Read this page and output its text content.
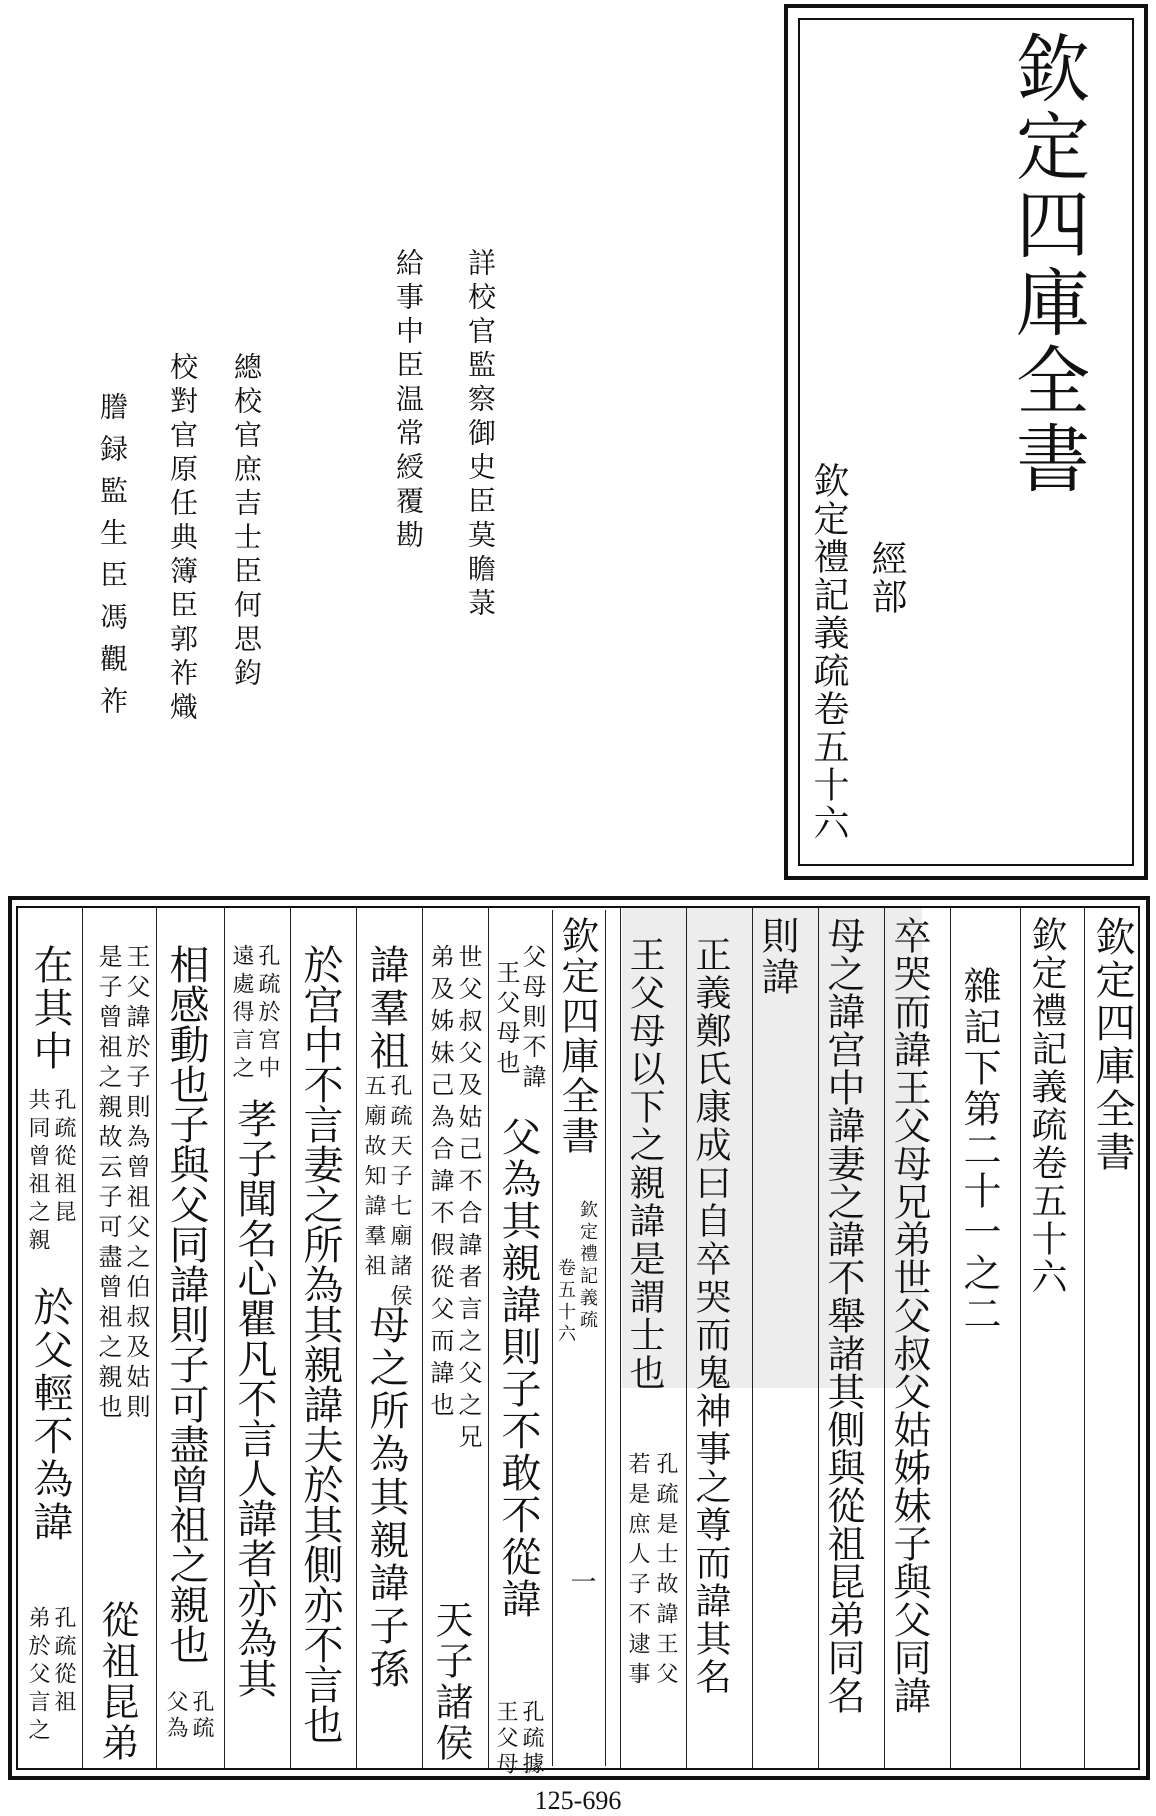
欽定四庫全書
經部
欽定禮記義疏卷五十六
詳校官監察御史臣莫瞻菉
給事中臣温常綬覆勘
總校官庶吉士臣何思鈞
校對官原任典簿臣郭祚熾
謄録監生臣馮觀祚
欽定四庫全書
欽定禮記義疏卷五十六
雜記下第二十一之二
卒哭而諱王父母兄弟世父叔父姑姊妹子與父同諱
母之諱宫中諱妻之諱不舉諸其側與從祖昆弟同名
則諱
正義鄭氏康成曰自卒哭而鬼神事之尊而諱其名
王父母以下之親諱是謂士也
孔疏是士故諱王父
若是庶人子不逮事
欽定四庫全書
欽定禮記義疏
卷五十六
一
父母則不諱
王父母也
父為其親諱則子不敢不從諱
孔疏據
王父母
世父叔父及姑己不合諱者言之父之兄
弟及姊妹己為合諱不假從父而諱也
天子諸侯
諱羣祖
孔疏天子七廟諸侯
五廟故知諱羣祖
母之所為其親諱子孫
於宫中不言妻之所為其親諱夫於其側亦不言也
孔疏於宫中
遠處得言之
孝子聞名心瞿凡不言人諱者亦為其
相感動也子與父同諱則子可盡曾祖之親也
孔疏
父為
王父諱於子則為曾祖父之伯叔及姑則
是子曾祖之親故云子可盡曾祖之親也
從祖昆弟
在其中
孔疏從祖昆
共同曾祖之親
於父輕不為諱
孔疏從祖
弟於父言之
125-696
